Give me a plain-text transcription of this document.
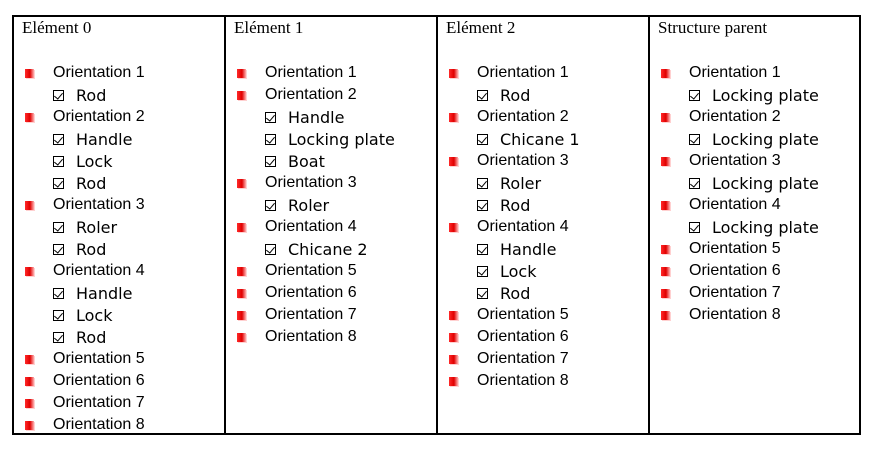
Elément 0
Orientation 1
Rod
Orientation 2
Handle
Lock
Rod
Orientation 3
Roler
Rod
Orientation 4
Handle
Lock
Rod
Orientation 5
Orientation 6
Orientation 7
Orientation 8
Elément 1
Orientation 1
Orientation 2
Handle
Locking plate
Boat
Orientation 3
Roler
Orientation 4
Chicane 2
Orientation 5
Orientation 6
Orientation 7
Orientation 8
Elément 2
Orientation 1
Rod
Orientation 2
Chicane 1
Orientation 3
Roler
Rod
Orientation 4
Handle
Lock
Rod
Orientation 5
Orientation 6
Orientation 7
Orientation 8
Structure parent
Orientation 1
Locking plate
Orientation 2
Locking plate
Orientation 3
Locking plate
Orientation 4
Locking plate
Orientation 5
Orientation 6
Orientation 7
Orientation 8
